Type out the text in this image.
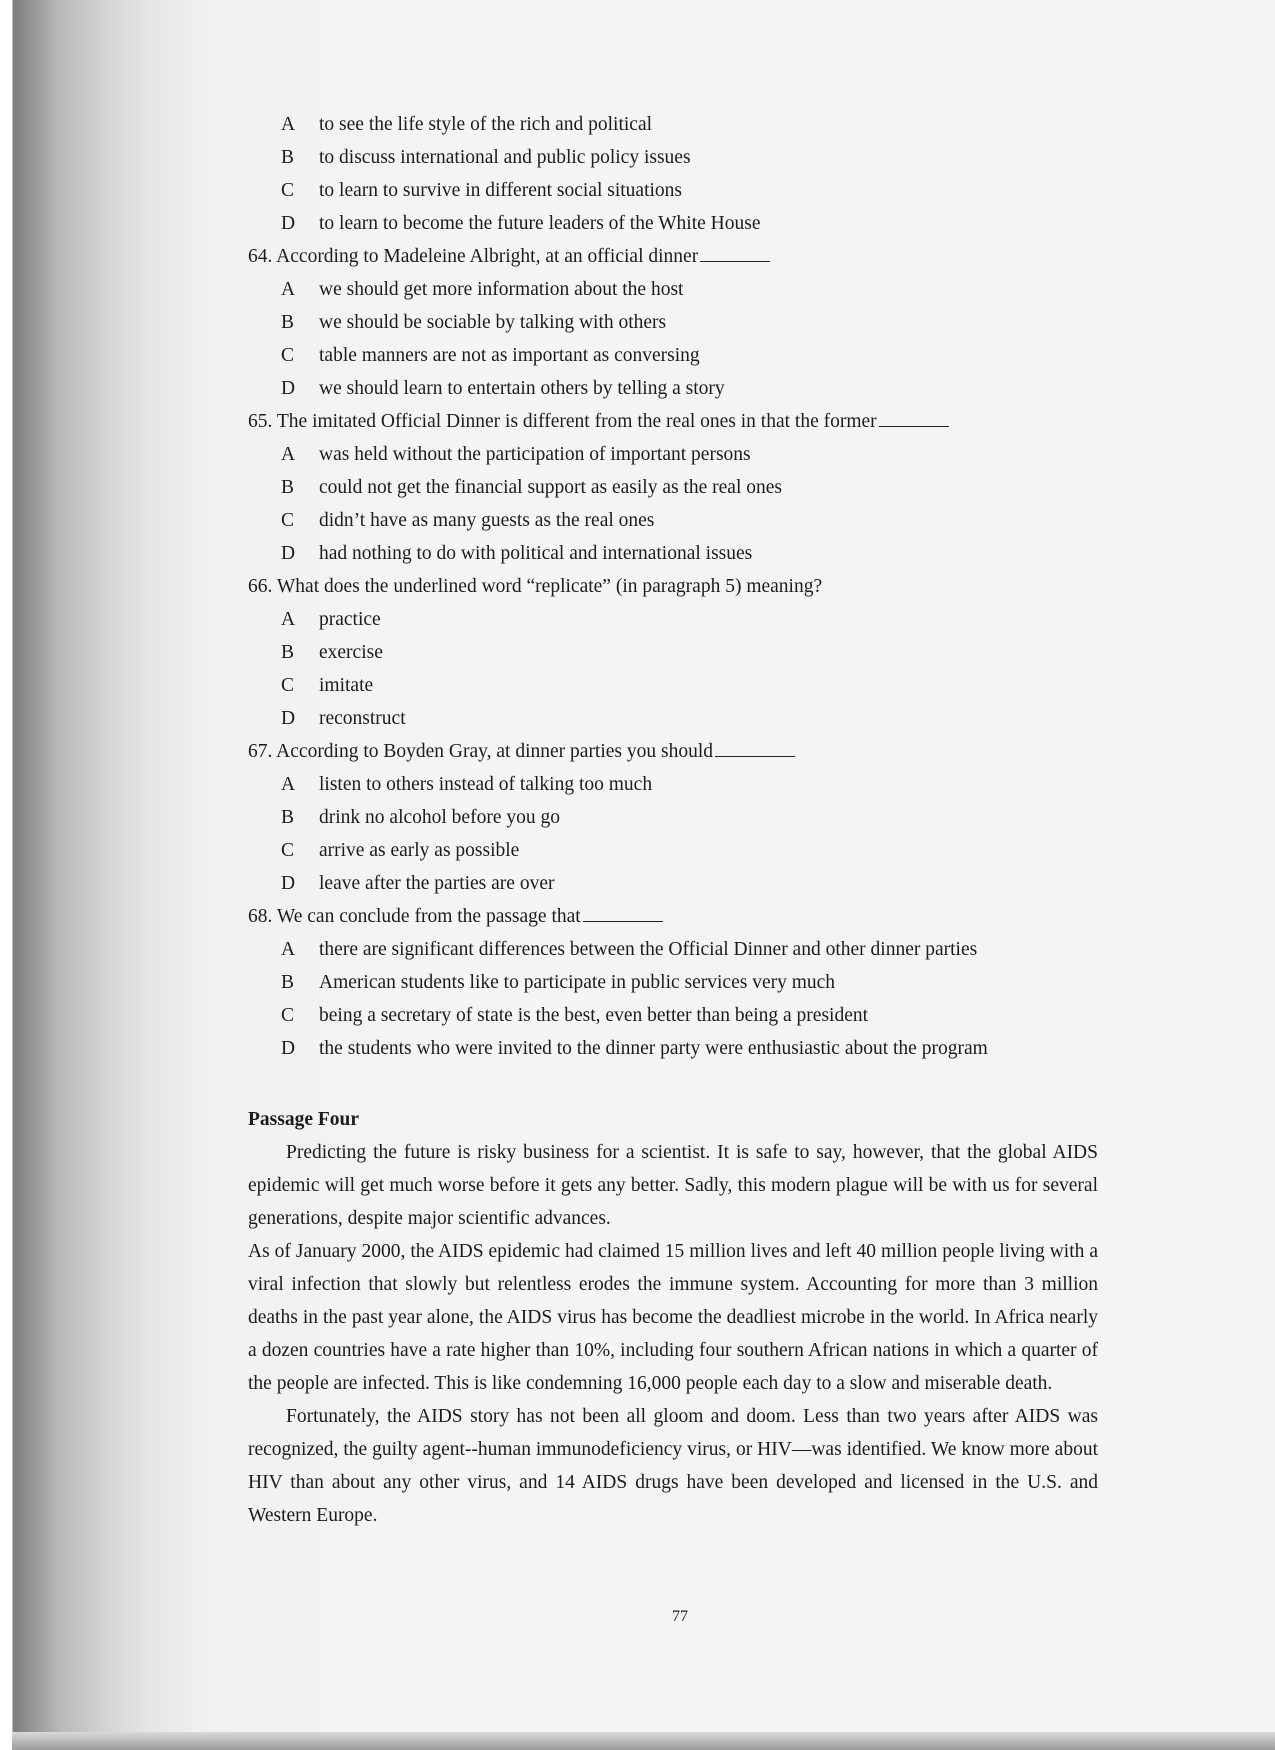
A to see the life style of the rich and political
B to discuss international and public policy issues
C to learn to survive in different social situations
D to learn to become the future leaders of the White House
64. According to Madeleine Albright, at an official dinner
A we should get more information about the host
B we should be sociable by talking with others
C table manners are not as important as conversing
D we should learn to entertain others by telling a story
65. The imitated Official Dinner is different from the real ones in that the former
A was held without the participation of important persons
B could not get the financial support as easily as the real ones
C didn’t have as many guests as the real ones
D had nothing to do with political and international issues
66. What does the underlined word “replicate” (in paragraph 5) meaning?
A practice
B exercise
C imitate
D reconstruct
67. According to Boyden Gray, at dinner parties you should
A listen to others instead of talking too much
B drink no alcohol before you go
C arrive as early as possible
D leave after the parties are over
68. We can conclude from the passage that
A there are significant differences between the Official Dinner and other dinner parties
B American students like to participate in public services very much
C being a secretary of state is the best, even better than being a president
D the students who were invited to the dinner party were enthusiastic about the program
Passage Four

Predicting the future is risky business for a scientist. It is safe to say, however, that the global AIDS epidemic will get much worse before it gets any better. Sadly, this modern plague will be with us for several generations, despite major scientific advances.

As of January 2000, the AIDS epidemic had claimed 15 million lives and left 40 million people living with a viral infection that slowly but relentless erodes the immune system. Accounting for more than 3 million deaths in the past year alone, the AIDS virus has become the deadliest microbe in the world. In Africa nearly a dozen countries have a rate higher than 10%, including four southern African nations in which a quarter of the people are infected. This is like condemning 16,000 people each day to a slow and miserable death.

Fortunately, the AIDS story has not been all gloom and doom. Less than two years after AIDS was recognized, the guilty agent--human immunodeficiency virus, or HIV—was identified. We know more about HIV than about any other virus, and 14 AIDS drugs have been developed and licensed in the U.S. and Western Europe.

77
